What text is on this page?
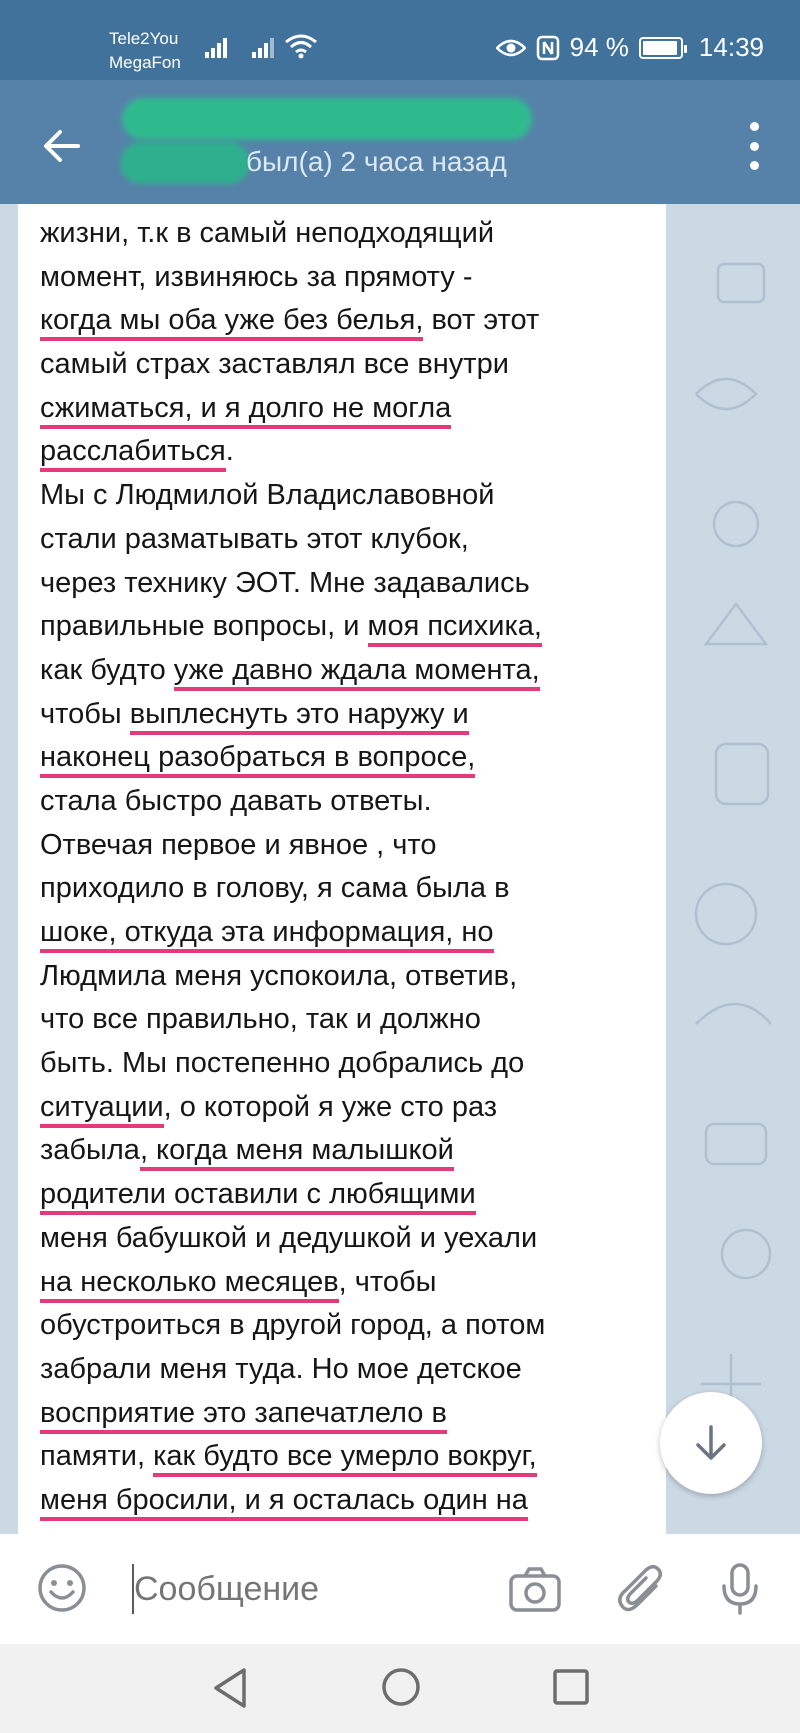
Tele2You
MegaFon
94 %	14:39
был(а) 2 часа назад
жизни, т.к в самый неподходящий
момент, извиняюсь за прямоту -
когда мы оба уже без белья, вот этот
самый страх заставлял все внутри
сжиматься, и я долго не могла
расслабиться.
Мы с Людмилой Владиславовной
стали разматывать этот клубок,
через технику ЭОТ. Мне задавались
правильные вопросы, и моя психика,
как будто уже давно ждала момента,
чтобы выплеснуть это наружу и
наконец разобраться в вопросе,
стала быстро давать ответы.
Отвечая первое и явное , что
приходило в голову, я сама была в
шоке, откуда эта информация, но
Людмила меня успокоила, ответив,
что все правильно, так и должно
быть. Мы постепенно добрались до
ситуации, о которой я уже сто раз
забыла, когда меня малышкой
родители оставили с любящими
меня бабушкой и дедушкой и уехали
на несколько месяцев, чтобы
обустроиться в другой город, а потом
забрали меня туда. Но мое детское
восприятие это запечатлело в
памяти, как будто все умерло вокруг,
меня бросили, и я осталась один на
Сообщение
